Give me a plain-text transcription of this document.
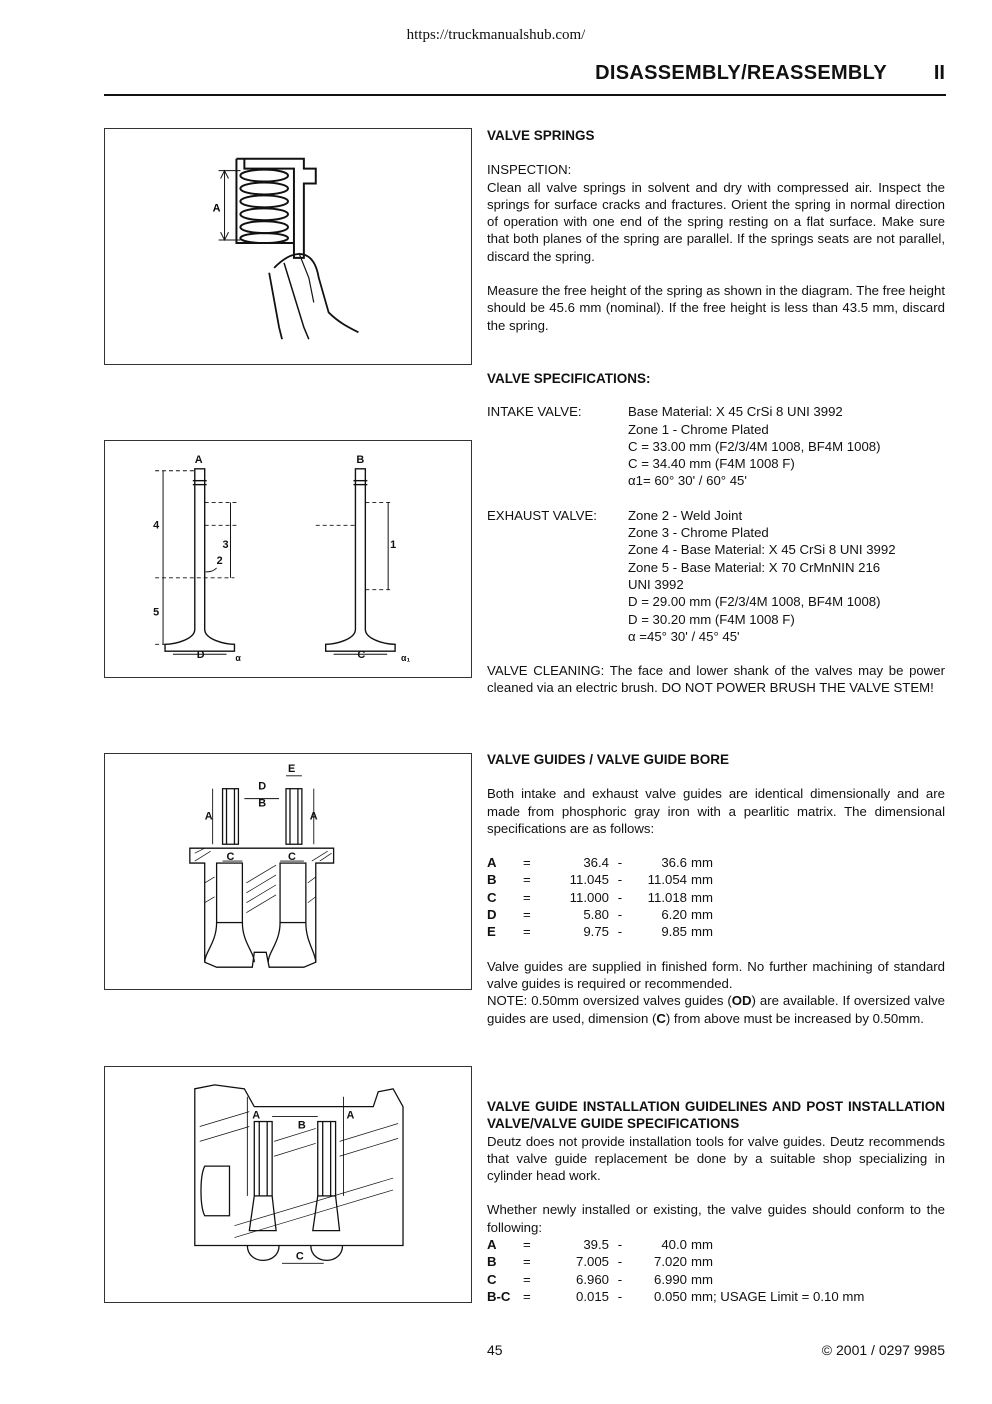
https://truckmanualshub.com/
DISASSEMBLY/REASSEMBLY II
A
A	B
4
3
2
5
1
D	C
α	α₁
D
E
B
A	A
C	C
A	A
B
C

VALVE SPRINGS

INSPECTION:

Clean all valve springs in solvent and dry with compressed air. Inspect the springs for surface cracks and fractures. Orient the spring in normal direction of operation with one end of the spring resting on a flat surface. Make sure that both planes of the spring are parallel. If the springs seats are not parallel, discard the spring.

Measure the free height of the spring as shown in the diagram. The free height should be 45.6 mm (nominal). If the free height is less than 43.5 mm, discard the spring.

VALVE SPECIFICATIONS:

INTAKE VALVE:	Base Material: X 45 CrSi 8 UNI 3992
Zone 1 - Chrome Plated
C = 33.00 mm (F2/3/4M 1008, BF4M 1008)
C = 34.40 mm (F4M 1008 F)
α1= 60° 30' / 60° 45'
EXHAUST VALVE:	Zone 2 - Weld Joint
Zone 3 - Chrome Plated
Zone 4 - Base Material: X 45 CrSi 8 UNI 3992
Zone 5 - Base Material: X 70 CrMnNIN 216
UNI 3992
D = 29.00 mm (F2/3/4M 1008, BF4M 1008)
D = 30.20 mm (F4M 1008 F)
α =45° 30' / 45° 45'

VALVE CLEANING: The face and lower shank of the valves may be power cleaned via an electric brush. DO NOT POWER BRUSH THE VALVE STEM!

VALVE GUIDES / VALVE GUIDE BORE

Both intake and exhaust valve guides are identical dimensionally and are made from phosphoric gray iron with a pearlitic matrix. The dimensional specifications are as follows:

A	=	36.4 -	36.6 mm
B	=	11.045 -	11.054 mm
C	=	11.000 -	11.018 mm
D	=	5.80 -	6.20 mm
E	=	9.75 -	9.85 mm

Valve guides are supplied in finished form. No further machining of standard valve guides is required or recommended.

NOTE: 0.50mm oversized valves guides (OD) are available. If oversized valve guides are used, dimension (C) from above must be increased by 0.50mm.

VALVE GUIDE INSTALLATION GUIDELINES AND POST INSTALLATION VALVE/VALVE GUIDE SPECIFICATIONS

Deutz does not provide installation tools for valve guides. Deutz recommends that valve guide replacement be done by a suitable shop specializing in cylinder head work.

Whether newly installed or existing, the valve guides should conform to the following:

A	=	39.5 -	40.0 mm
B	=	7.005 -	7.020 mm
C	=	6.960 -	6.990 mm
B-C =	0.015 -	0.050 mm; USAGE Limit = 0.10 mm
45	© 2001 / 0297 9985
